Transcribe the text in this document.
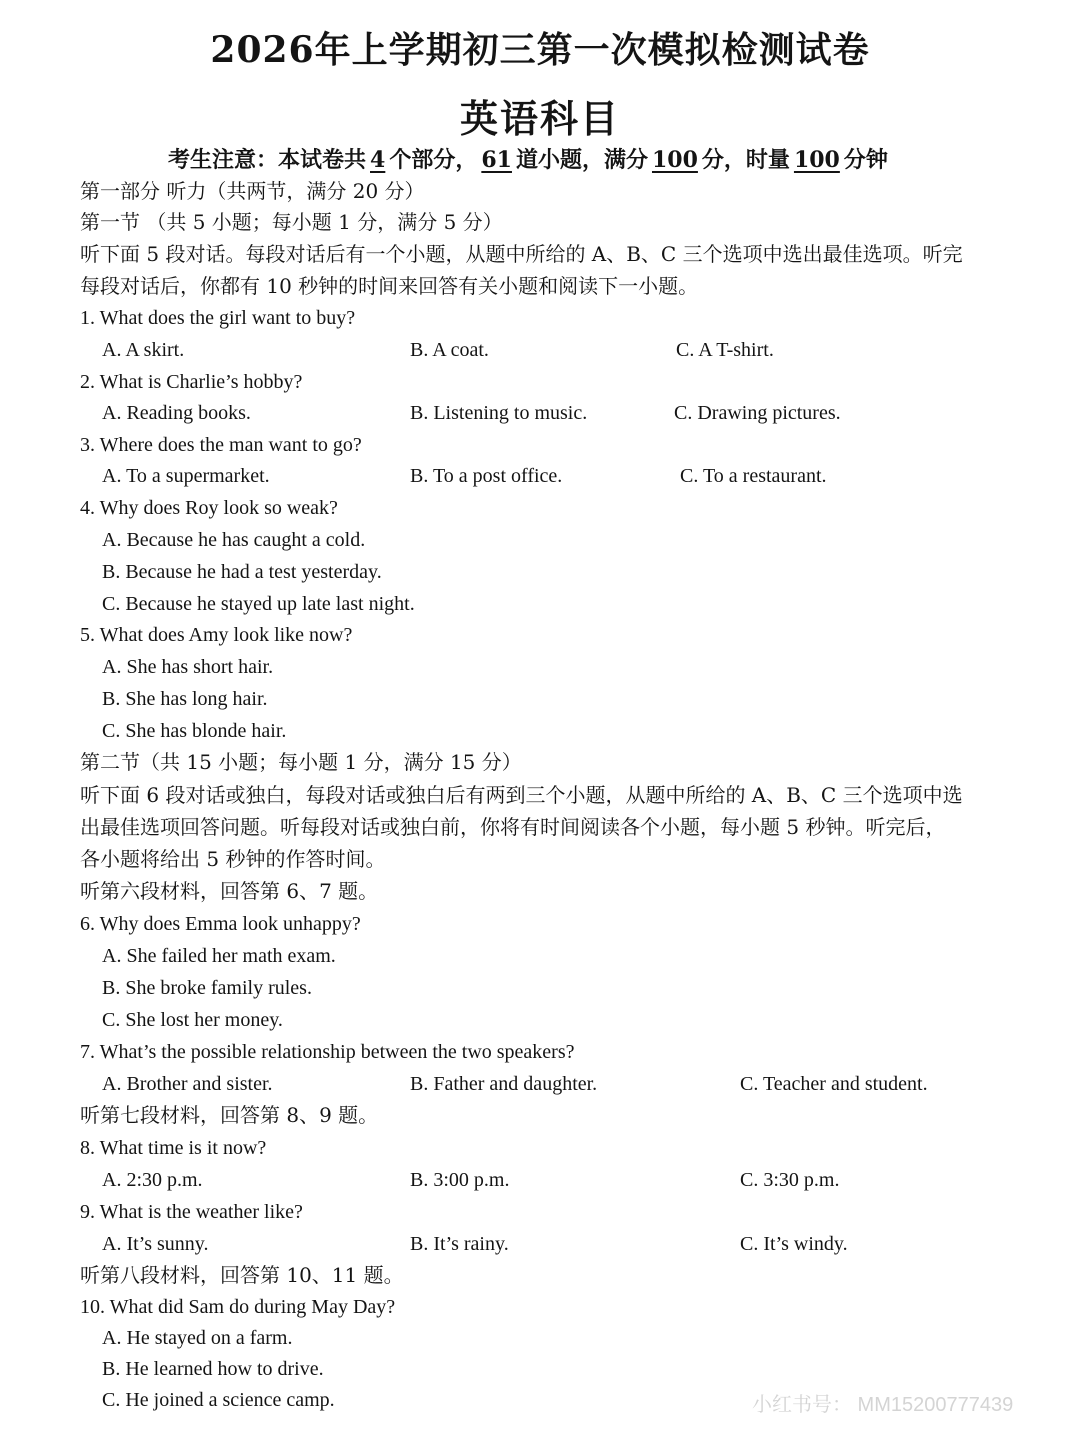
2026年上学期初三第一次模拟检测试卷
英语科目
考生注意：本试卷共 4 个部分， 61 道小题，满分 100 分，时量 100 分钟
第一部分 听力（共两节，满分 20 分）
第一节 （共 5 小题；每小题 1 分，满分 5 分）
听下面 5 段对话。每段对话后有一个小题，从题中所给的 A、B、C 三个选项中选出最佳选项。听完
每段对话后，你都有 10 秒钟的时间来回答有关小题和阅读下一小题。
1. What does the girl want to buy?
A. A skirt.	B. A coat.	C. A T-shirt.
2. What is Charlie’s hobby?
A. Reading books.	B. Listening to music.	C. Drawing pictures.
3. Where does the man want to go?
A. To a supermarket.	B. To a post office.	C. To a restaurant.
4. Why does Roy look so weak?
A. Because he has caught a cold.
B. Because he had a test yesterday.
C. Because he stayed up late last night.
5. What does Amy look like now?
A. She has short hair.
B. She has long hair.
C. She has blonde hair.
第二节（共 15 小题；每小题 1 分，满分 15 分）
听下面 6 段对话或独白，每段对话或独白后有两到三个小题，从题中所给的 A、B、C 三个选项中选
出最佳选项回答问题。听每段对话或独白前，你将有时间阅读各个小题，每小题 5 秒钟。听完后，
各小题将给出 5 秒钟的作答时间。
听第六段材料，回答第 6、7 题。
6. Why does Emma look unhappy?
A. She failed her math exam.
B. She broke family rules.
C. She lost her money.
7. What’s the possible relationship between the two speakers?
A. Brother and sister.	B. Father and daughter.	C. Teacher and student.
听第七段材料，回答第 8、9 题。
8. What time is it now?
A. 2:30 p.m.	B. 3:00 p.m.	C. 3:30 p.m.
9. What is the weather like?
A. It’s sunny.	B. It’s rainy.	C. It’s windy.
听第八段材料，回答第 10、11 题。
10. What did Sam do during May Day?
A. He stayed on a farm.
B. He learned how to drive.
C. He joined a science camp.	小红书号： MM15200777439
